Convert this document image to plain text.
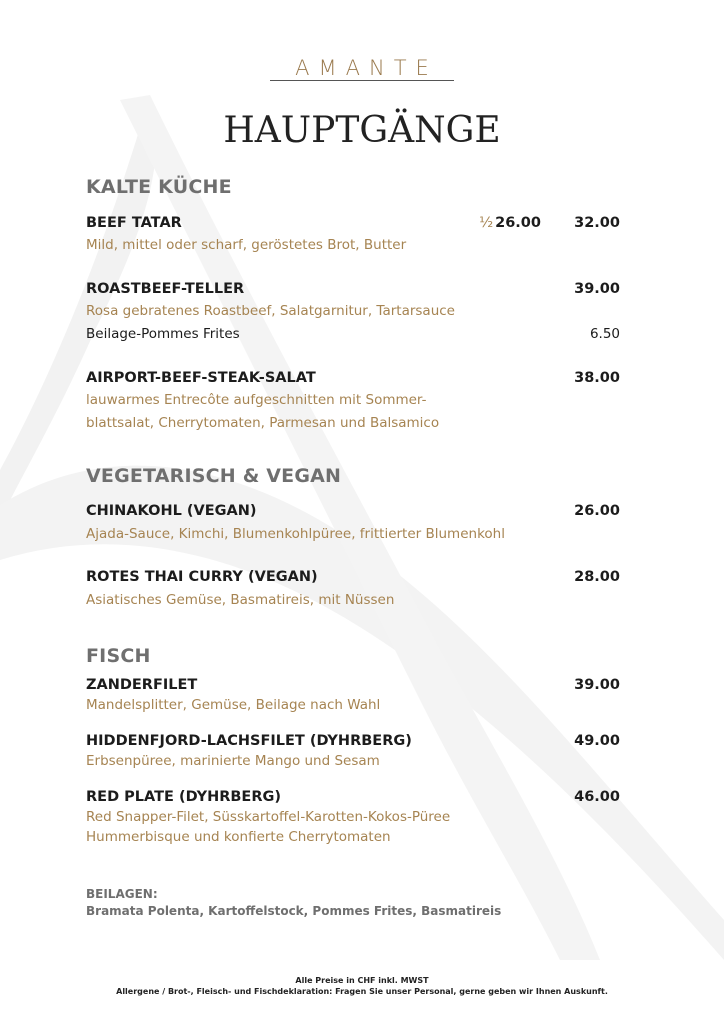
AMANTE
HAUPTGÄNGE
KALTE KÜCHE
BEEF TATAR	½ 26.00 32.00
Mild, mittel oder scharf, geröstetes Brot, Butter
ROASTBEEF-TELLER	39.00
Rosa gebratenes Roastbeef, Salatgarnitur, Tartarsauce
Beilage-Pommes Frites	6.50
AIRPORT-BEEF-STEAK-SALAT	38.00
lauwarmes Entrecôte aufgeschnitten mit Sommer-
blattsalat, Cherrytomaten, Parmesan und Balsamico
VEGETARISCH & VEGAN
CHINAKOHL (VEGAN)	26.00
Ajada-Sauce, Kimchi, Blumenkohlpüree, frittierter Blumenkohl
ROTES THAI CURRY (VEGAN)	28.00
Asiatisches Gemüse, Basmatireis, mit Nüssen
FISCH
ZANDERFILET	39.00
Mandelsplitter, Gemüse, Beilage nach Wahl
HIDDENFJORD-LACHSFILET (DYHRBERG)	49.00
Erbsenpüree, marinierte Mango und Sesam
RED PLATE (DYHRBERG)	46.00
Red Snapper-Filet, Süsskartoffel-Karotten-Kokos-Püree
Hummerbisque und konfierte Cherrytomaten
BEILAGEN:
Bramata Polenta, Kartoffelstock, Pommes Frites, Basmatireis
Alle Preise in CHF inkl. MWST
Allergene / Brot-, Fleisch- und Fischdeklaration: Fragen Sie unser Personal, gerne geben wir Ihnen Auskunft.
